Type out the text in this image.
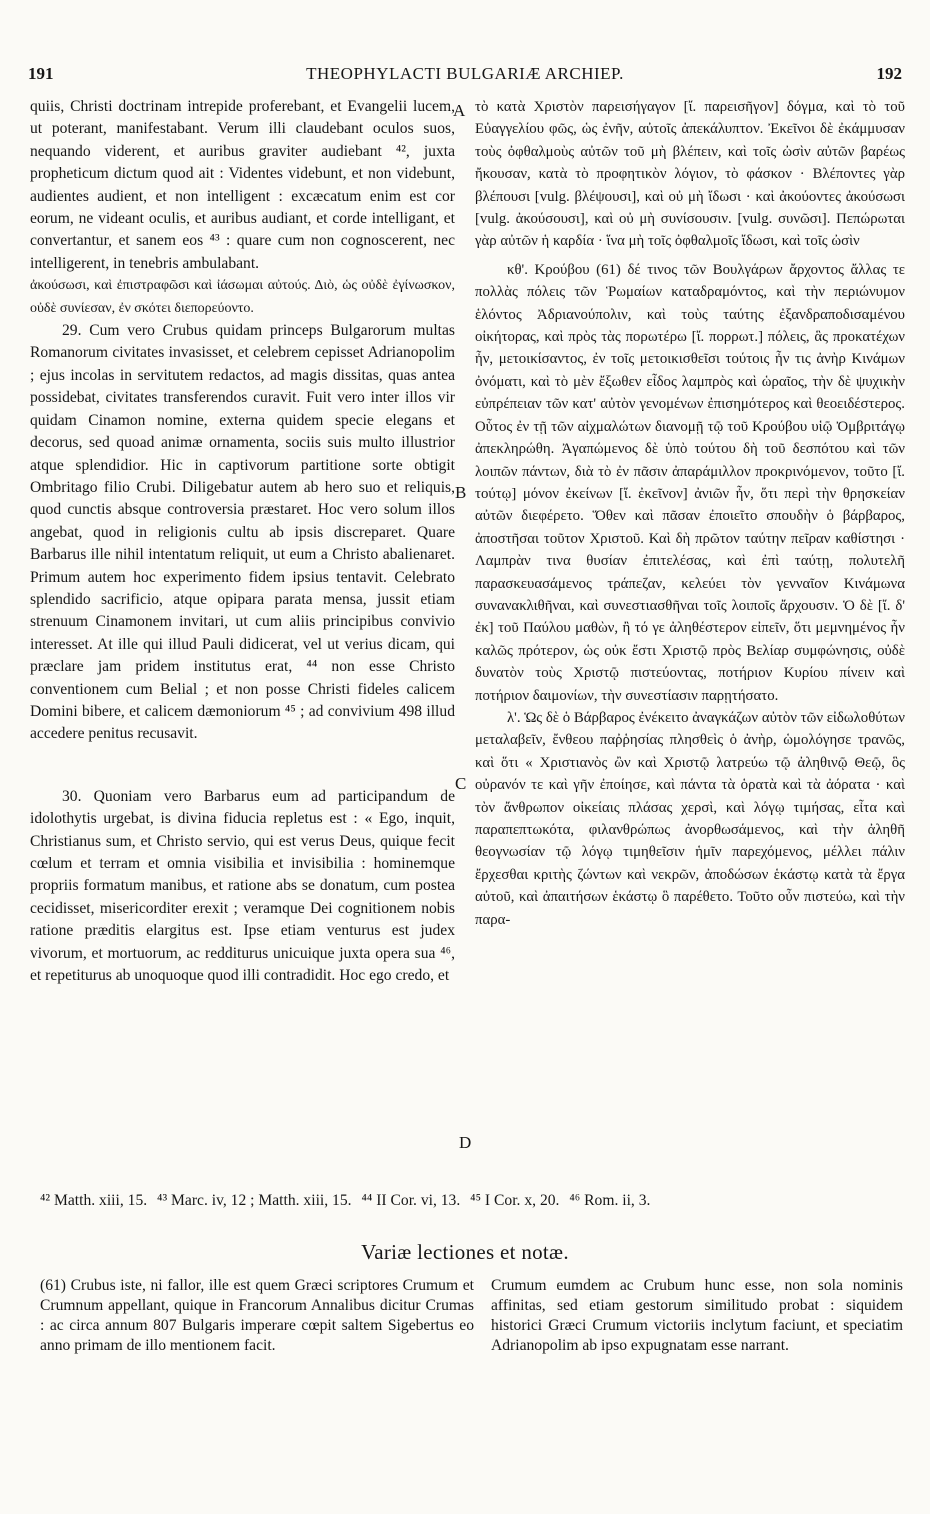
191	THEOPHYLACTI BULGARIÆ ARCHIEP.	192
A
B
C
D

quiis, Christi doctrinam intrepide proferebant, et Evangelii lucem, ut poterant, manifestabant. Verum illi claudebant oculos suos, nequando viderent, et auribus graviter audiebant ⁴², juxta propheticum dictum quod ait : Videntes videbunt, et non videbunt, audientes audient, et non intelligent : excæcatum enim est cor eorum, ne videant oculis, et auribus audiant, et corde intelligant, et convertantur, et sanem eos ⁴³ : quare cum non cognoscerent, nec intelligerent, in tenebris ambulabant.

ἀκούσωσι, καὶ ἐπιστραφῶσι καὶ ἰάσωμαι αὐτούς. Διὸ, ὡς οὐδὲ ἐγίνωσκον, οὐδὲ συνίεσαν, ἐν σκότει διεπορεύοντο.

29. Cum vero Crubus quidam princeps Bulgarorum multas Romanorum civitates invasisset, et celebrem cepisset Adrianopolim ; ejus incolas in servitutem redactos, ad magis dissitas, quas antea possidebat, civitates transferendos curavit. Fuit vero inter illos vir quidam Cinamon nomine, externa quidem specie elegans et decorus, sed quoad animæ ornamenta, sociis suis multo illustrior atque splendidior. Hic in captivorum partitione sorte obtigit Ombritago filio Crubi. Diligebatur autem ab hero suo et reliquis, quod cunctis absque controversia præstaret. Hoc vero solum illos angebat, quod in religionis cultu ab ipsis discreparet. Quare Barbarus ille nihil intentatum reliquit, ut eum a Christo abalienaret. Primum autem hoc experimento fidem ipsius tentavit. Celebrato splendido sacrificio, atque opipara parata mensa, jussit etiam strenuum Cinamonem invitari, ut cum aliis principibus convivio interesset. At ille qui illud Pauli didicerat, vel ut verius dicam, qui præclare jam pridem institutus erat, ⁴⁴ non esse Christo conventionem cum Belial ; et non posse Christi fideles calicem Domini bibere, et calicem dæmoniorum ⁴⁵ ; ad convivium 498 illud accedere penitus recusavit.

30. Quoniam vero Barbarus eum ad participandum de idolothytis urgebat, is divina fiducia repletus est : « Ego, inquit, Christianus sum, et Christo servio, qui est verus Deus, quique fecit cœlum et terram et omnia visibilia et invisibilia : hominemque propriis formatum manibus, et ratione abs se donatum, cum postea cecidisset, misericorditer erexit ; veramque Dei cognitionem nobis ratione præditis elargitus est. Ipse etiam venturus est judex vivorum, et mortuorum, ac redditurus unicuique juxta opera sua ⁴⁶, et repetiturus ab unoquoque quod illi contradidit. Hoc ego credo, et

τὸ κατὰ Χριστὸν παρεισήγαγον [ἴ. παρεισῆγον] δόγμα, καὶ τὸ τοῦ Εὐαγγελίου φῶς, ὡς ἐνῆν, αὐτοῖς ἀπεκάλυπτον. Ἐκεῖνοι δὲ ἐκάμμυσαν τοὺς ὀφθαλμοὺς αὐτῶν τοῦ μὴ βλέπειν, καὶ τοῖς ὠσὶν αὐτῶν βαρέως ἤκουσαν, κατὰ τὸ προφητικὸν λόγιον, τὸ φάσκον · Βλέποντες γὰρ βλέπουσι [vulg. βλέψουσι], καὶ οὐ μὴ ἴδωσι · καὶ ἀκούοντες ἀκούσωσι [vulg. ἀκούσουσι], καὶ οὐ μὴ συνίσουσιν. [vulg. συνῶσι]. Πεπώρωται γὰρ αὐτῶν ἡ καρδία · ἵνα μὴ τοῖς ὀφθαλμοῖς ἴδωσι, καὶ τοῖς ὠσὶν

κθ'. Κρούβου (61) δέ τινος τῶν Βουλγάρων ἄρχοντος ἄλλας τε πολλὰς πόλεις τῶν Ῥωμαίων καταδραμόντος, καὶ τὴν περιώνυμον ἑλόντος Ἀδριανούπολιν, καὶ τοὺς ταύτης ἐξανδραποδισαμένου οἰκήτορας, καὶ πρὸς τὰς πορωτέρω [ἴ. πορρωτ.] πόλεις, ἃς προκατέχων ἦν, μετοικίσαντος, ἐν τοῖς μετοικισθεῖσι τούτοις ἦν τις ἀνὴρ Κινάμων ὀνόματι, καὶ τὸ μὲν ἔξωθεν εἶδος λαμπρὸς καὶ ὡραῖος, τὴν δὲ ψυχικὴν εὐπρέπειαν τῶν κατ' αὐτὸν γενομένων ἐπισημότερος καὶ θεοειδέστερος. Οὗτος ἐν τῇ τῶν αἰχμαλώτων διανομῇ τῷ τοῦ Κρούβου υἱῷ Ὀμβριτάγῳ ἀπεκληρώθη. Ἀγαπώμενος δὲ ὑπὸ τούτου δὴ τοῦ δεσπότου καὶ τῶν λοιπῶν πάντων, διὰ τὸ ἐν πᾶσιν ἀπαράμιλλον προκρινόμενον, τοῦτο [ἴ. τούτῳ] μόνον ἐκείνων [ἴ. ἐκεῖνον] ἀνιῶν ἦν, ὅτι περὶ τὴν θρησκείαν αὐτῶν διεφέρετο. Ὅθεν καὶ πᾶσαν ἐποιεῖτο σπουδὴν ὁ βάρβαρος, ἀποστῆσαι τοῦτον Χριστοῦ. Καὶ δὴ πρῶτον ταύτην πεῖραν καθίστησι · Λαμπρὰν τινα θυσίαν ἐπιτελέσας, καὶ ἐπὶ ταύτῃ, πολυτελῆ παρασκευασάμενος τράπεζαν, κελεύει τὸν γενναῖον Κινάμωνα συνανακλιθῆναι, καὶ συνεστιασθῆναι τοῖς λοιποῖς ἄρχουσιν. Ὁ δὲ [ἴ. δ' ἐκ] τοῦ Παύλου μαθὼν, ἢ τό γε ἀληθέστερον εἰπεῖν, ὅτι μεμνημένος ἦν καλῶς πρότερον, ὡς οὐκ ἔστι Χριστῷ πρὸς Βελίαρ συμφώνησις, οὐδὲ δυνατὸν τοὺς Χριστῷ πιστεύοντας, ποτήριον Κυρίου πίνειν καὶ ποτήριον δαιμονίων, τὴν συνεστίασιν παρῃτήσατο.

λ'. Ὡς δὲ ὁ Βάρβαρος ἐνέκειτο ἀναγκάζων αὐτὸν τῶν εἰδωλοθύτων μεταλαβεῖν, ἔνθεου παῤῥησίας πλησθεὶς ὁ ἀνὴρ, ὡμολόγησε τρανῶς, καὶ ὅτι « Χριστιανὸς ὢν καὶ Χριστῷ λατρεύω τῷ ἀληθινῷ Θεῷ, ὃς οὐρανόν τε καὶ γῆν ἐποίησε, καὶ πάντα τὰ ὁρατὰ καὶ τὰ ἀόρατα · καὶ τὸν ἄνθρωπον οἰκείαις πλάσας χερσὶ, καὶ λόγῳ τιμήσας, εἶτα καὶ παραπεπτωκότα, φιλανθρώπως ἀνορθωσάμενος, καὶ τὴν ἀληθῆ θεογνωσίαν τῷ λόγῳ τιμηθεῖσιν ἡμῖν παρεχόμενος, μέλλει πάλιν ἔρχεσθαι κριτὴς ζώντων καὶ νεκρῶν, ἀποδώσων ἑκάστῳ κατὰ τὰ ἔργα αὐτοῦ, καὶ ἀπαιτήσων ἑκάστῳ ὃ παρέθετο. Τοῦτο οὖν πιστεύω, καὶ τὴν παρα-

⁴² Matth. xiii, 15. ⁴³ Marc. iv, 12 ; Matth. xiii, 15. ⁴⁴ II Cor. vi, 13. ⁴⁵ I Cor. x, 20. ⁴⁶ Rom. ii, 3.
Variæ lectiones et notæ.

(61) Crubus iste, ni fallor, ille est quem Græci scriptores Crumum et Crumnum appellant, quique in Francorum Annalibus dicitur Crumas : ac circa annum 807 Bulgaris imperare cœpit saltem Sigebertus eo anno primam de illo mentionem facit.

Crumum eumdem ac Crubum hunc esse, non sola nominis affinitas, sed etiam gestorum similitudo probat : siquidem historici Græci Crumum victoriis inclytum faciunt, et speciatim Adrianopolim ab ipso expugnatam esse narrant.
